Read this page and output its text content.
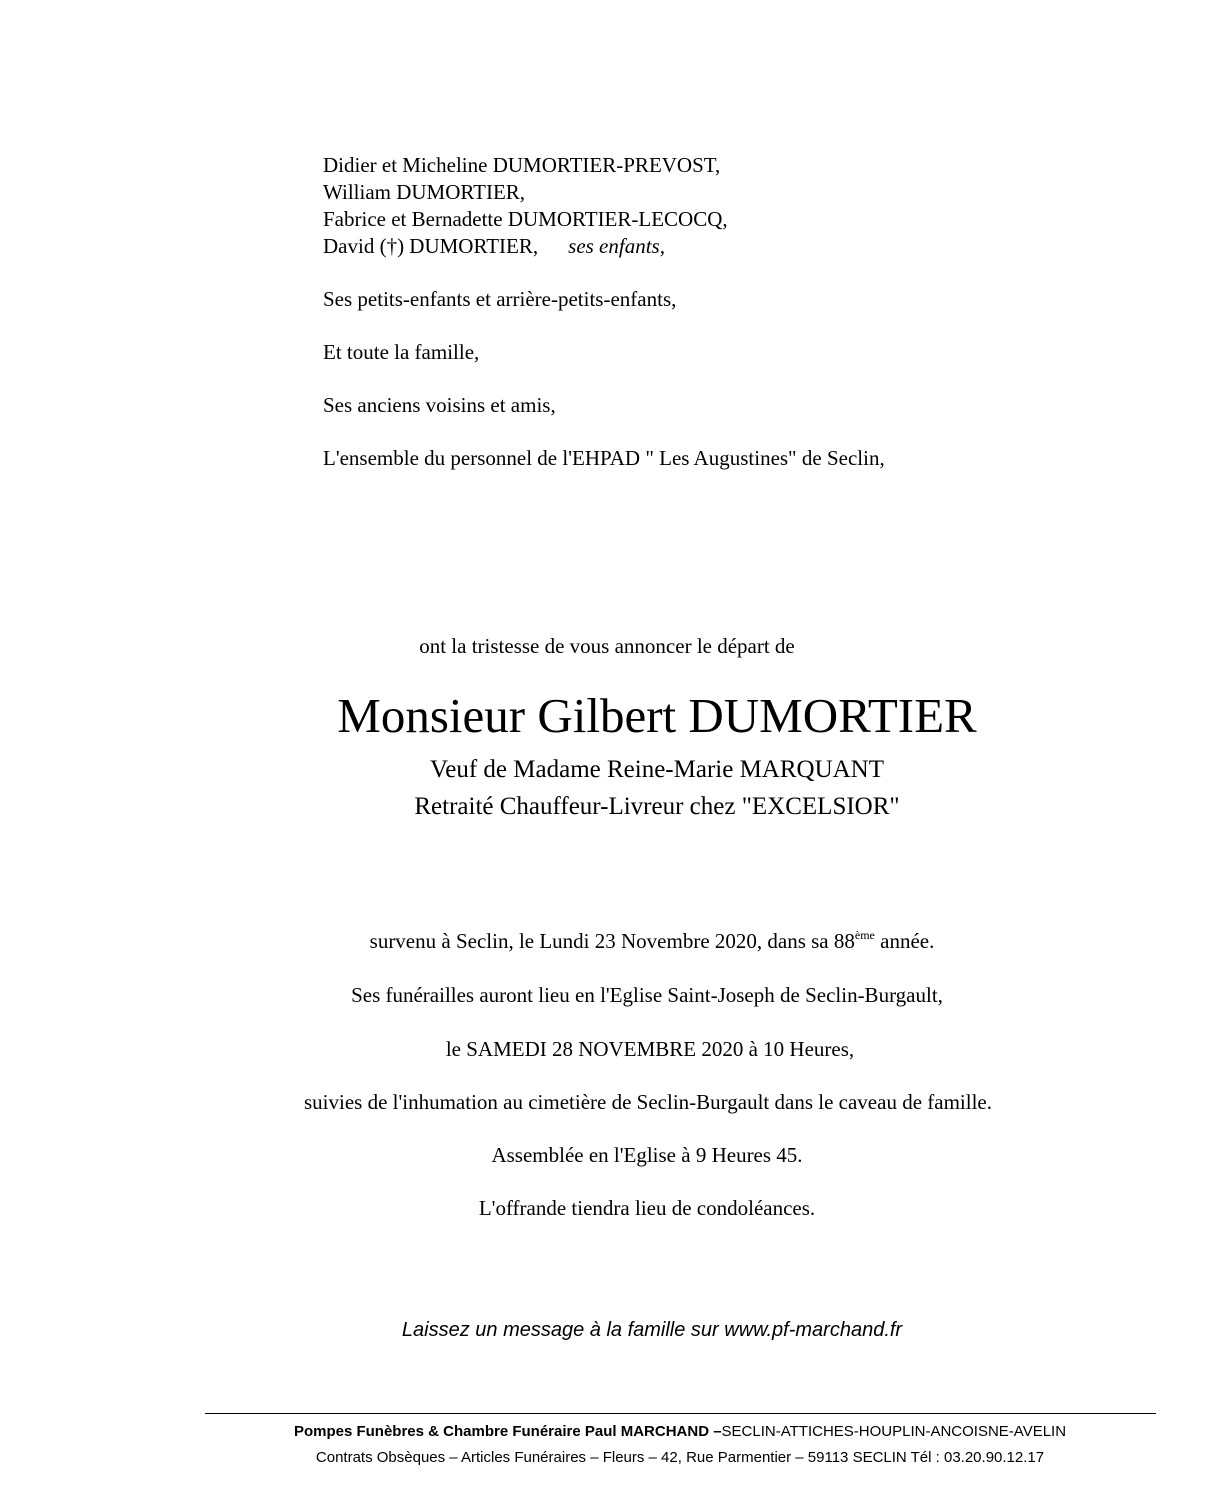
Didier et Micheline DUMORTIER-PREVOST,
William DUMORTIER,
Fabrice et Bernadette DUMORTIER-LECOCQ,
David (†) DUMORTIER, ses enfants,
Ses petits-enfants et arrière-petits-enfants,
Et toute la famille,
Ses anciens voisins et amis,
L'ensemble du personnel de l'EHPAD " Les Augustines" de Seclin,
ont la tristesse de vous annoncer le départ de
Monsieur Gilbert DUMORTIER
Veuf de Madame Reine-Marie MARQUANT
Retraité Chauffeur-Livreur chez "EXCELSIOR"
survenu à Seclin, le Lundi 23 Novembre 2020, dans sa 88ème année.
Ses funérailles auront lieu en l'Eglise Saint-Joseph de Seclin-Burgault,
le SAMEDI 28 NOVEMBRE 2020 à 10 Heures,
suivies de l'inhumation au cimetière de Seclin-Burgault dans le caveau de famille.
Assemblée en l'Eglise à 9 Heures 45.
L'offrande tiendra lieu de condoléances.
Laissez un message à la famille sur www.pf-marchand.fr
Pompes Funèbres & Chambre Funéraire Paul MARCHAND –SECLIN-ATTICHES-HOUPLIN-ANCOISNE-AVELIN
Contrats Obsèques – Articles Funéraires – Fleurs – 42, Rue Parmentier – 59113 SECLIN Tél : 03.20.90.12.17
